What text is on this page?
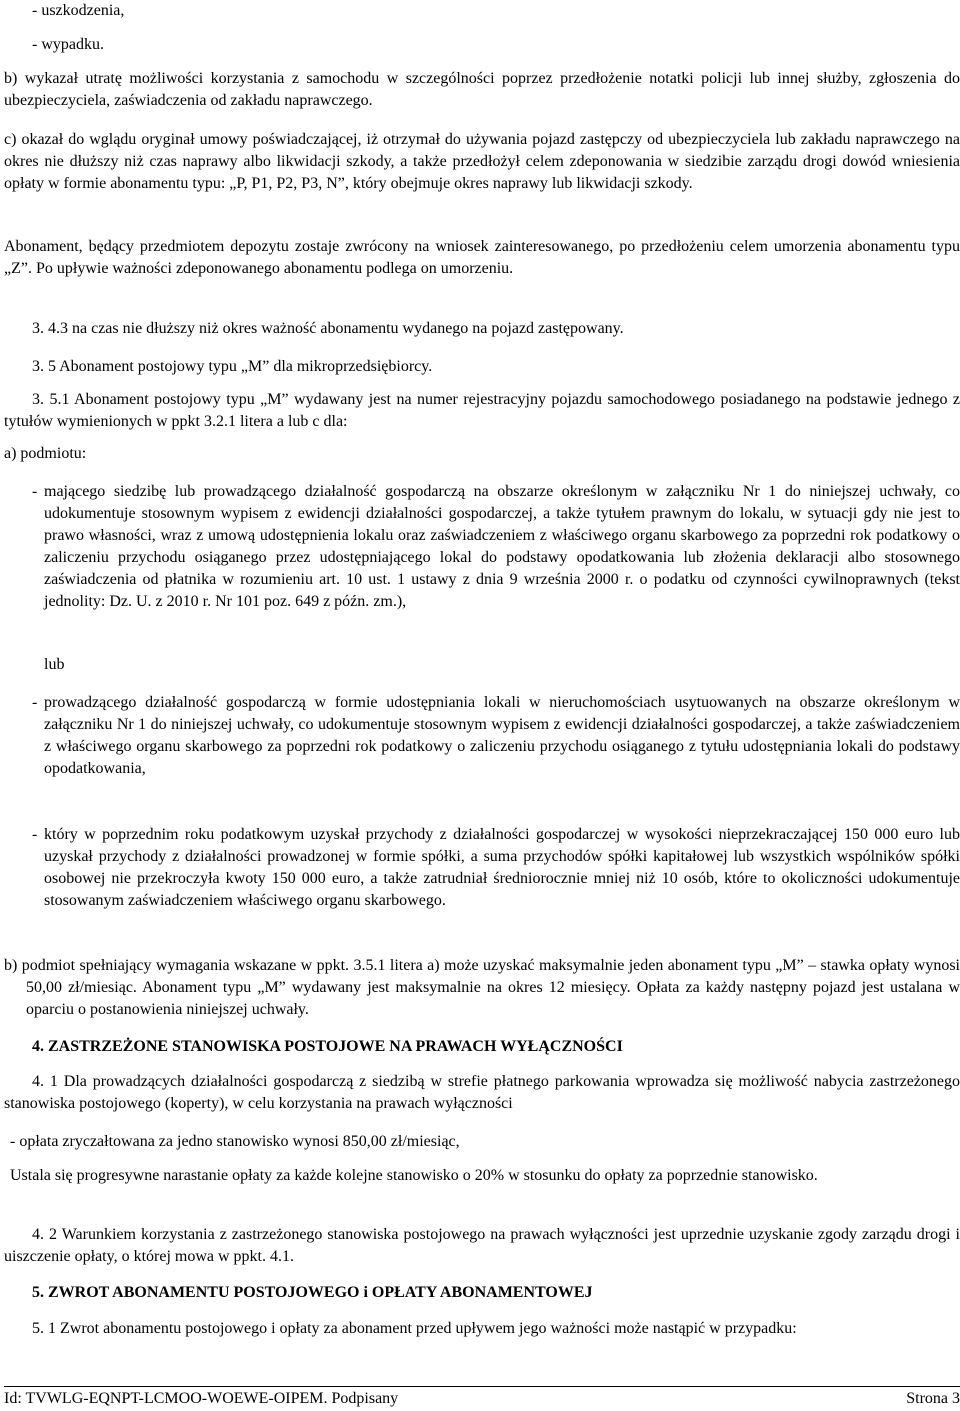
- uszkodzenia,

- wypadku.

b) wykazał utratę możliwości korzystania z samochodu w szczególności poprzez przedłożenie notatki policji lub innej służby, zgłoszenia do ubezpieczyciela, zaświadczenia od zakładu naprawczego.

c) okazał do wglądu oryginał umowy poświadczającej, iż otrzymał do używania pojazd zastępczy od ubezpieczyciela lub zakładu naprawczego na okres nie dłuższy niż czas naprawy albo likwidacji szkody, a także przedłożył celem zdeponowania w siedzibie zarządu drogi dowód wniesienia opłaty w formie abonamentu typu: „P, P1, P2, P3, N”, który obejmuje okres naprawy lub likwidacji szkody.

Abonament, będący przedmiotem depozytu zostaje zwrócony na wniosek zainteresowanego, po przedłożeniu celem umorzenia abonamentu typu „Z”. Po upływie ważności zdeponowanego abonamentu podlega on umorzeniu.

3. 4.3 na czas nie dłuższy niż okres ważność abonamentu wydanego na pojazd zastępowany.

3. 5 Abonament postojowy typu „M” dla mikroprzedsiębiorcy.

3. 5.1 Abonament postojowy typu „M” wydawany jest na numer rejestracyjny pojazdu samochodowego posiadanego na podstawie jednego z tytułów wymienionych w ppkt 3.2.1 litera a lub c dla:

a) podmiotu:

- mającego siedzibę lub prowadzącego działalność gospodarczą na obszarze określonym w załączniku Nr 1 do niniejszej uchwały, co udokumentuje stosownym wypisem z ewidencji działalności gospodarczej, a także tytułem prawnym do lokalu, w sytuacji gdy nie jest to prawo własności, wraz z umową udostępnienia lokalu oraz zaświadczeniem z właściwego organu skarbowego za poprzedni rok podatkowy o zaliczeniu przychodu osiąganego przez udostępniającego lokal do podstawy opodatkowania lub złożenia deklaracji albo stosownego zaświadczenia od płatnika w rozumieniu art. 10 ust. 1 ustawy z dnia 9 września 2000 r. o podatku od czynności cywilnoprawnych (tekst jednolity: Dz. U. z 2010 r. Nr 101 poz. 649 z późn. zm.),

lub

- prowadzącego działalność gospodarczą w formie udostępniania lokali w nieruchomościach usytuowanych na obszarze określonym w załączniku Nr 1 do niniejszej uchwały, co udokumentuje stosownym wypisem z ewidencji działalności gospodarczej, a także zaświadczeniem z właściwego organu skarbowego za poprzedni rok podatkowy o zaliczeniu przychodu osiąganego z tytułu udostępniania lokali do podstawy opodatkowania,

- który w poprzednim roku podatkowym uzyskał przychody z działalności gospodarczej w wysokości nieprzekraczającej 150 000 euro lub uzyskał przychody z działalności prowadzonej w formie spółki, a suma przychodów spółki kapitałowej lub wszystkich wspólników spółki osobowej nie przekroczyła kwoty 150 000 euro, a także zatrudniał średniorocznie mniej niż 10 osób, które to okoliczności udokumentuje stosowanym zaświadczeniem właściwego organu skarbowego.

b) podmiot spełniający wymagania wskazane w ppkt. 3.5.1 litera a) może uzyskać maksymalnie jeden abonament typu „M” – stawka opłaty wynosi 50,00 zł/miesiąc. Abonament typu „M” wydawany jest maksymalnie na okres 12 miesięcy. Opłata za każdy następny pojazd jest ustalana w oparciu o postanowienia niniejszej uchwały.

4. ZASTRZEŻONE STANOWISKA POSTOJOWE NA PRAWACH WYŁĄCZNOŚCI

4. 1 Dla prowadzących działalności gospodarczą z siedzibą w strefie płatnego parkowania wprowadza się możliwość nabycia zastrzeżonego stanowiska postojowego (koperty), w celu korzystania na prawach wyłączności

- opłata zryczałtowana za jedno stanowisko wynosi 850,00 zł/miesiąc,

Ustala się progresywne narastanie opłaty za każde kolejne stanowisko o 20% w stosunku do opłaty za poprzednie stanowisko.

4. 2 Warunkiem korzystania z zastrzeżonego stanowiska postojowego na prawach wyłączności jest uprzednie uzyskanie zgody zarządu drogi i uiszczenie opłaty, o której mowa w ppkt. 4.1.

5. ZWROT ABONAMENTU POSTOJOWEGO i OPŁATY ABONAMENTOWEJ

5. 1 Zwrot abonamentu postojowego i opłaty za abonament przed upływem jego ważności może nastąpić w przypadku:

Id: TVWLG-EQNPT-LCMOO-WOEWE-OIPEM. Podpisany	Strona 3
